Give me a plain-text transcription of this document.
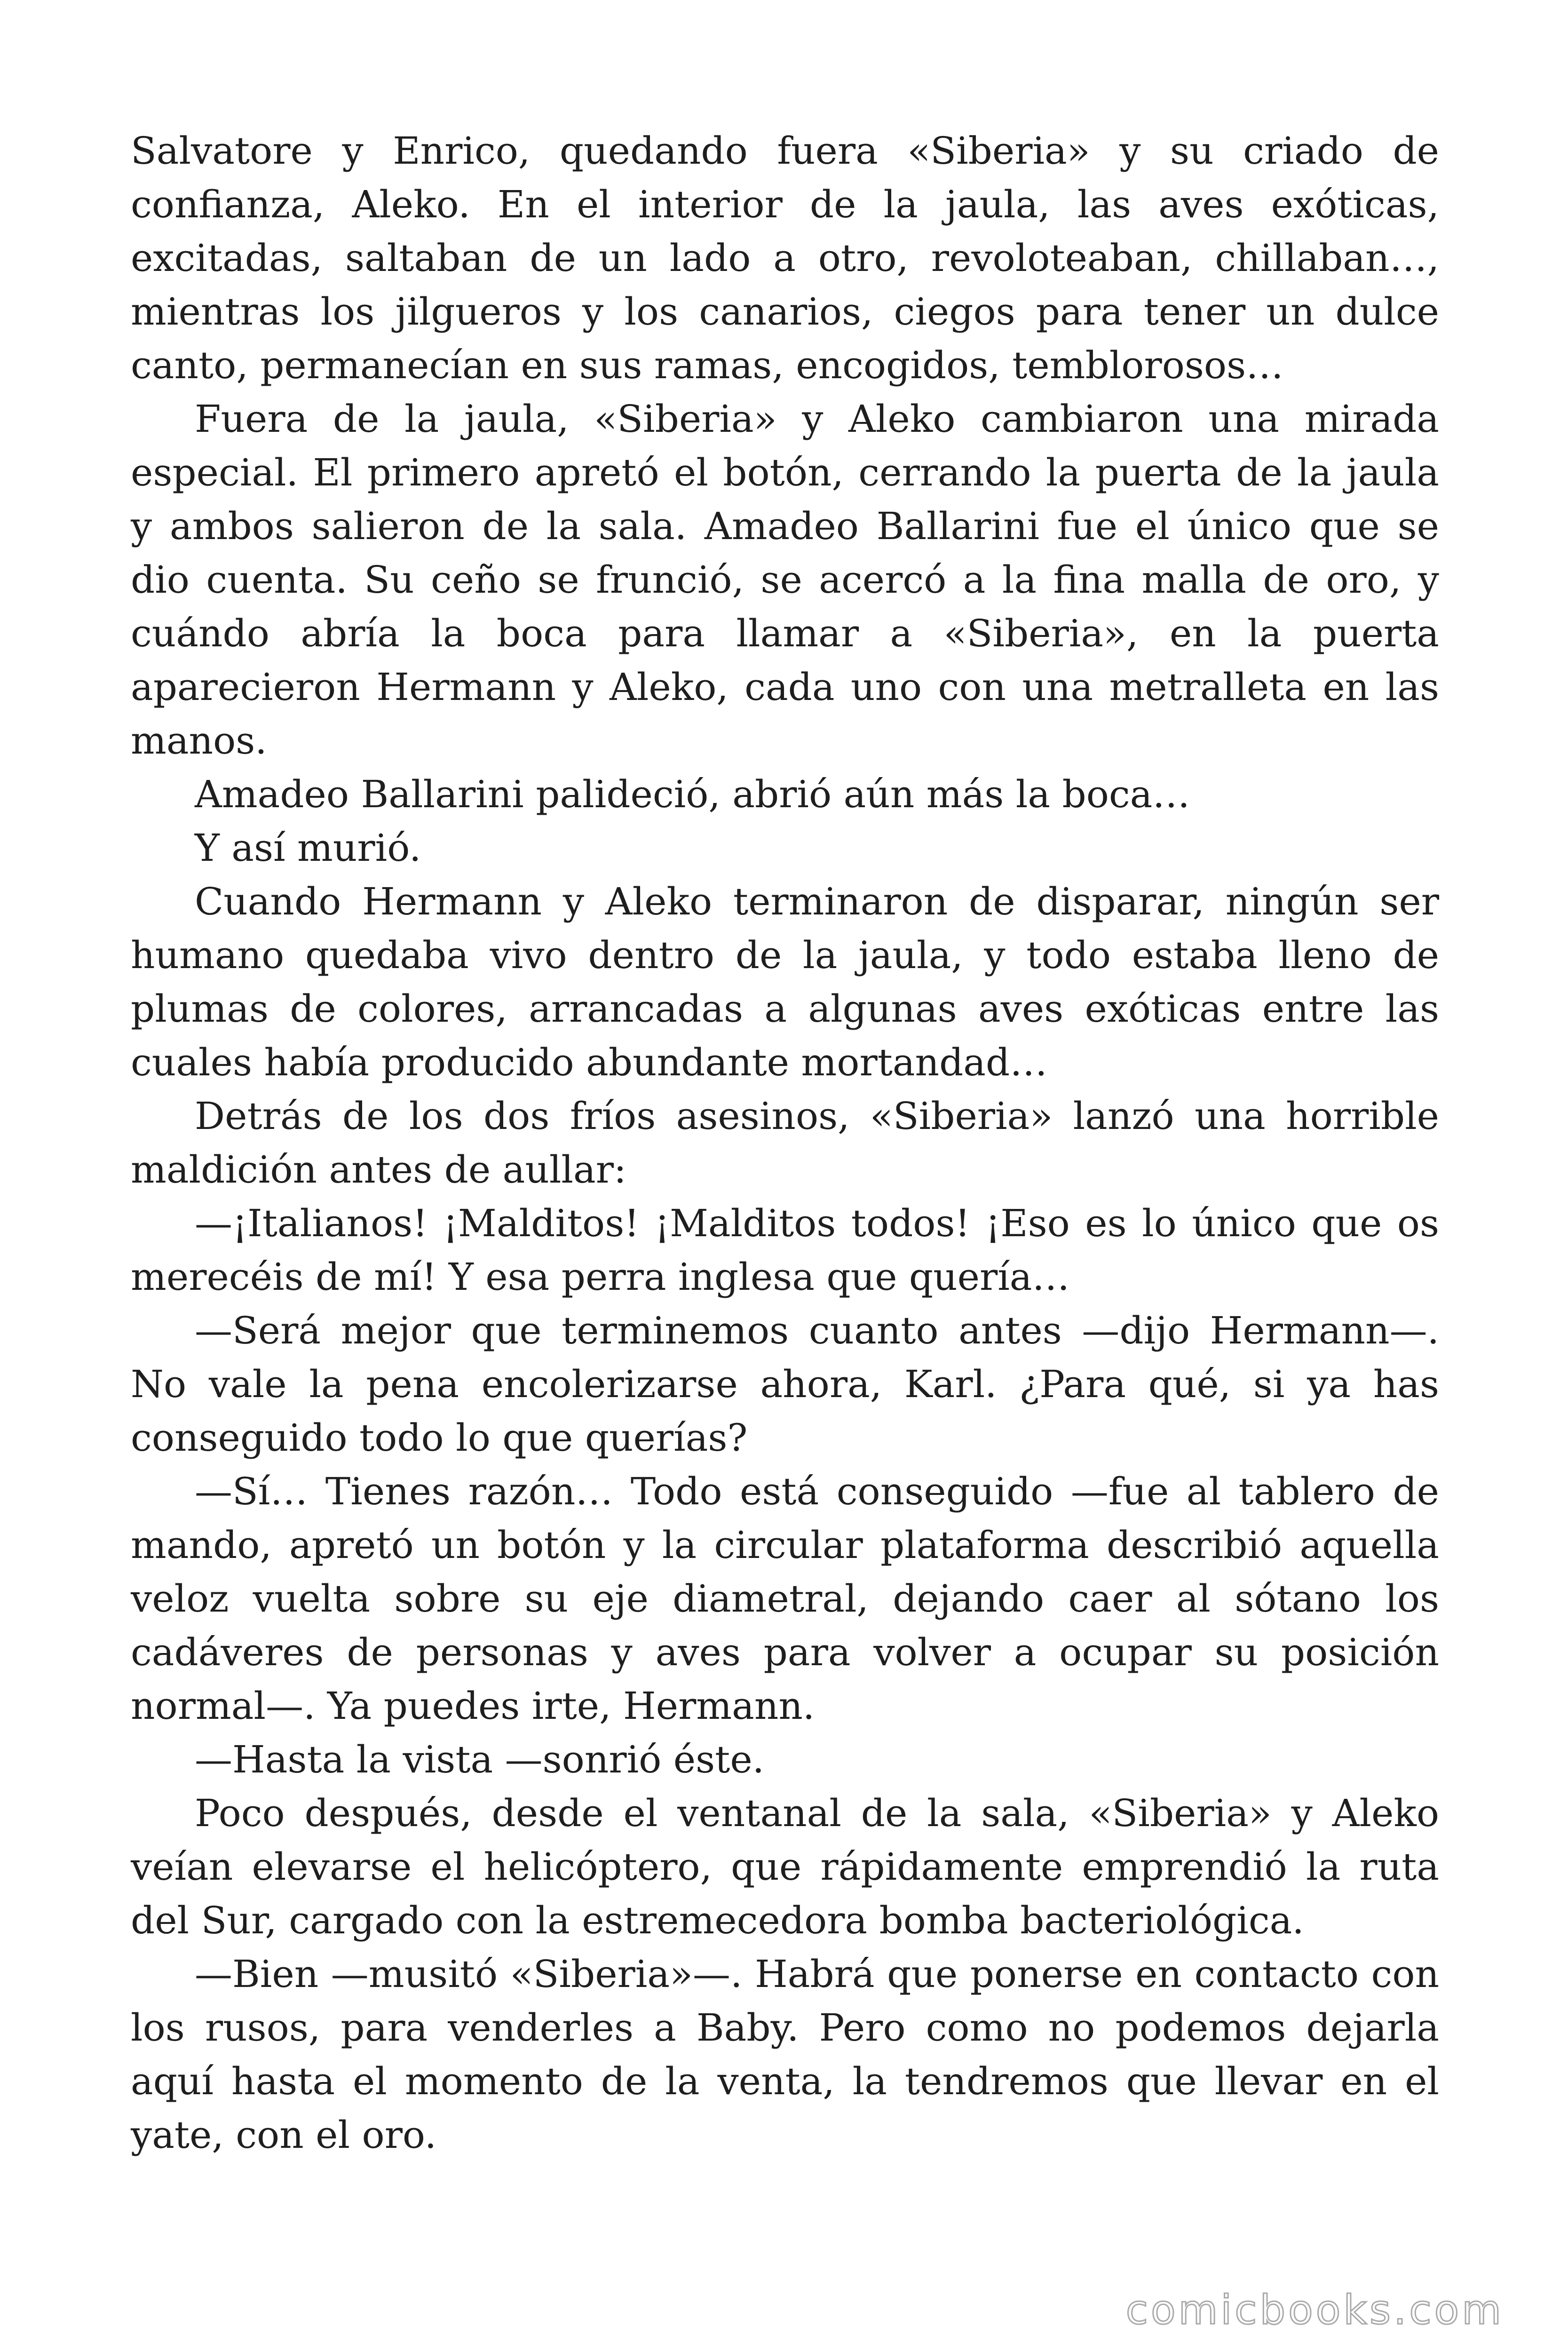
Salvatore y Enrico, quedando fuera «Siberia» y su criado de confianza, Aleko. En el interior de la jaula, las aves exóticas, excitadas, saltaban de un lado a otro, revoloteaban, chillaban…, mientras los jilgueros y los canarios, ciegos para tener un dulce canto, permanecían en sus ramas, encogidos, temblorosos…

Fuera de la jaula, «Siberia» y Aleko cambiaron una mirada especial. El primero apretó el botón, cerrando la puerta de la jaula y ambos salieron de la sala. Amadeo Ballarini fue el único que se dio cuenta. Su ceño se frunció, se acercó a la fina malla de oro, y cuándo abría la boca para llamar a «Siberia», en la puerta aparecieron Hermann y Aleko, cada uno con una metralleta en las manos.

Amadeo Ballarini palideció, abrió aún más la boca…

Y así murió.

Cuando Hermann y Aleko terminaron de disparar, ningún ser humano quedaba vivo dentro de la jaula, y todo estaba lleno de plumas de colores, arrancadas a algunas aves exóticas entre las cuales había producido abundante mortandad…

Detrás de los dos fríos asesinos, «Siberia» lanzó una horrible maldición antes de aullar:

—¡Italianos! ¡Malditos! ¡Malditos todos! ¡Eso es lo único que os merecéis de mí! Y esa perra inglesa que quería…

—Será mejor que terminemos cuanto antes —dijo Hermann—. No vale la pena encolerizarse ahora, Karl. ¿Para qué, si ya has conseguido todo lo que querías?

—Sí… Tienes razón… Todo está conseguido —fue al tablero de mando, apretó un botón y la circular plataforma describió aquella veloz vuelta sobre su eje diametral, dejando caer al sótano los cadáveres de personas y aves para volver a ocupar su posición normal—. Ya puedes irte, Hermann.

—Hasta la vista —sonrió éste.

Poco después, desde el ventanal de la sala, «Siberia» y Aleko veían elevarse el helicóptero, que rápidamente emprendió la ruta del Sur, cargado con la estremecedora bomba bacteriológica.

—Bien —musitó «Siberia»—. Habrá que ponerse en contacto con los rusos, para venderles a Baby. Pero como no podemos dejarla aquí hasta el momento de la venta, la tendremos que llevar en el yate, con el oro.

comicbooks.com
